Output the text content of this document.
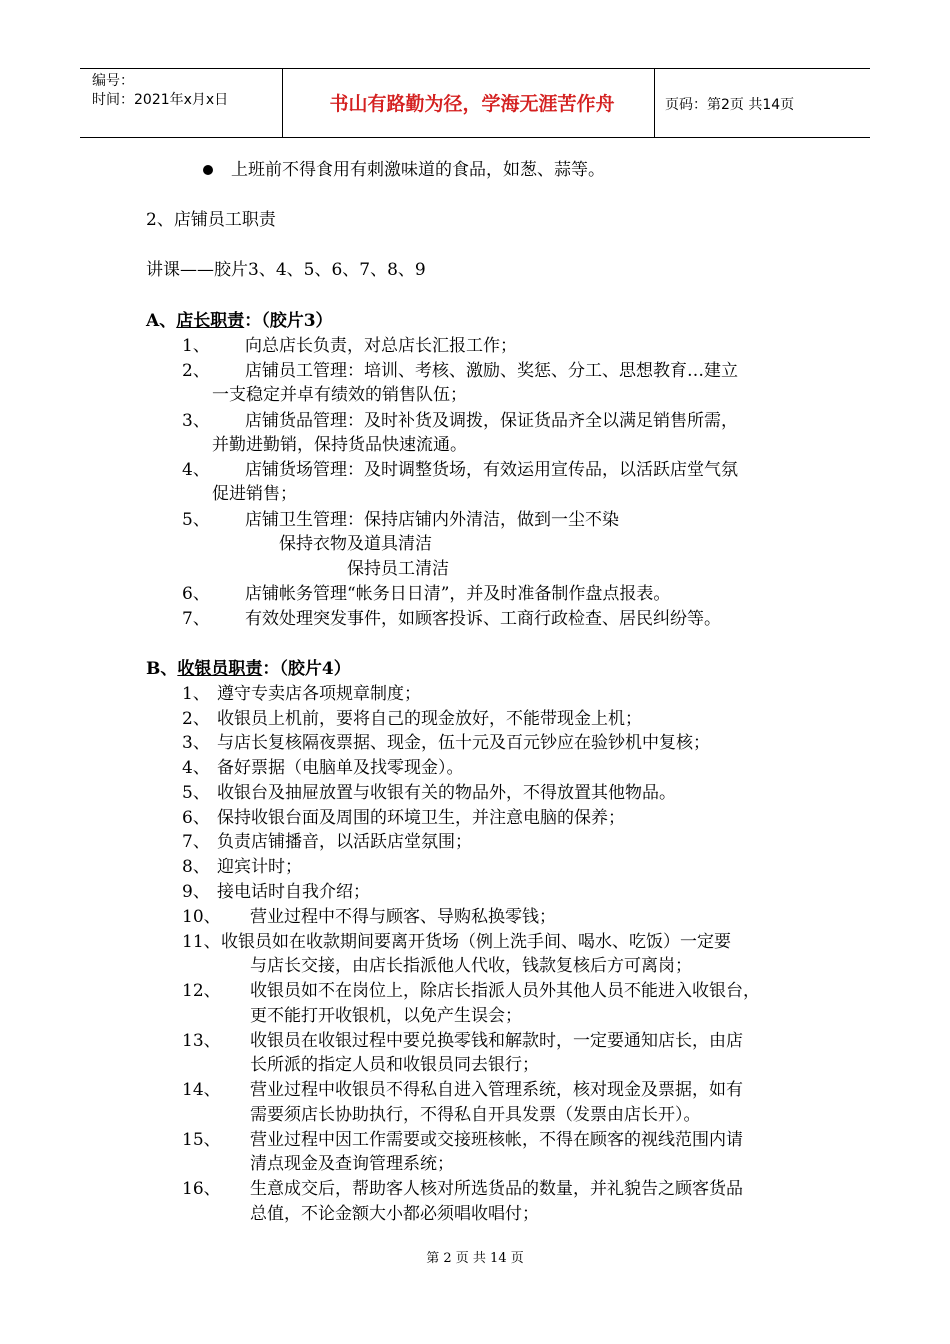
编号：
时间：2021年x月x日	书山有路勤为径，学海无涯苦作舟	页码：第2页 共14页
上班前不得食用有刺激味道的食品，如葱、蒜等。
2、店铺员工职责
讲课——胶片3、4、5、6、7、8、9
A、店长职责：（胶片3）
1、 向总店长负责，对总店长汇报工作；
2、 店铺员工管理：培训、考核、激励、奖惩、分工、思想教育…建立
一支稳定并卓有绩效的销售队伍；
3、 店铺货品管理：及时补货及调拨，保证货品齐全以满足销售所需，
并勤进勤销，保持货品快速流通。
4、 店铺货场管理：及时调整货场，有效运用宣传品，以活跃店堂气氛
促进销售；
5、 店铺卫生管理：保持店铺内外清洁，做到一尘不染
保持衣物及道具清洁
保持员工清洁
6、 店铺帐务管理“帐务日日清”，并及时准备制作盘点报表。
7、 有效处理突发事件，如顾客投诉、工商行政检查、居民纠纷等。
B、收银员职责：（胶片4）
1、 遵守专卖店各项规章制度；
2、 收银员上机前，要将自己的现金放好，不能带现金上机；
3、 与店长复核隔夜票据、现金，伍十元及百元钞应在验钞机中复核；
4、 备好票据（电脑单及找零现金）。
5、 收银台及抽屉放置与收银有关的物品外，不得放置其他物品。
6、 保持收银台面及周围的环境卫生，并注意电脑的保养；
7、 负责店铺播音，以活跃店堂氛围；
8、 迎宾计时；
9、 接电话时自我介绍；
10、 营业过程中不得与顾客、导购私换零钱；
11、 收银员如在收款期间要离开货场（例上洗手间、喝水、吃饭）一定要
与店长交接，由店长指派他人代收，钱款复核后方可离岗；
12、 收银员如不在岗位上，除店长指派人员外其他人员不能进入收银台，
更不能打开收银机，以免产生误会；
13、 收银员在收银过程中要兑换零钱和解款时，一定要通知店长，由店
长所派的指定人员和收银员同去银行；
14、 营业过程中收银员不得私自进入管理系统，核对现金及票据，如有
需要须店长协助执行，不得私自开具发票（发票由店长开）。
15、 营业过程中因工作需要或交接班核帐，不得在顾客的视线范围内请
清点现金及查询管理系统；
16、 生意成交后，帮助客人核对所选货品的数量，并礼貌告之顾客货品
总值，不论金额大小都必须唱收唱付；
第 2 页 共 14 页
